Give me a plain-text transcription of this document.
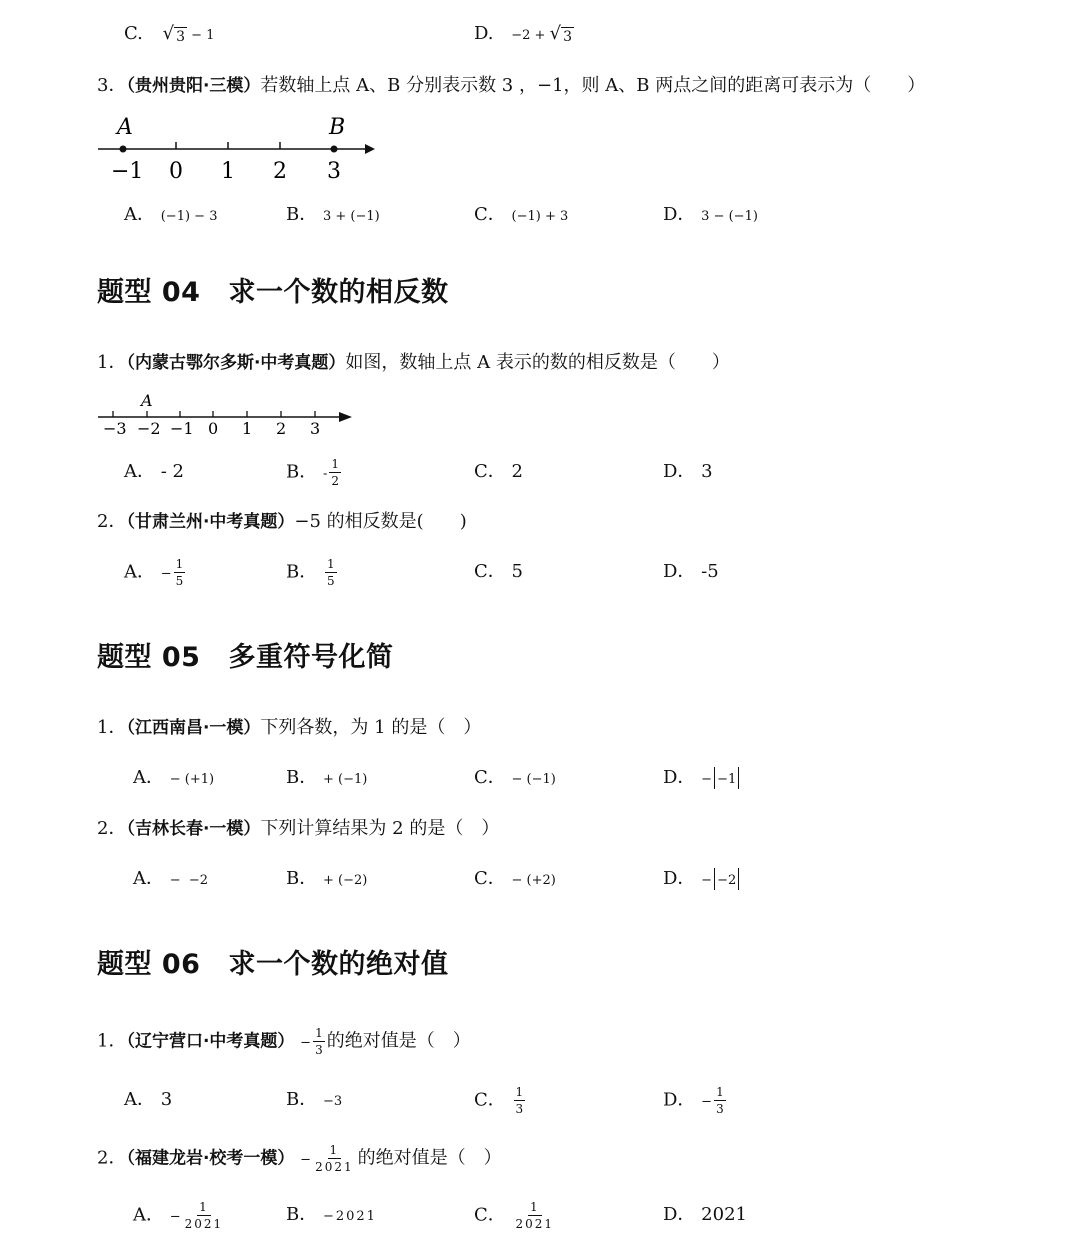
C. √ 3 − 1	D. −2 + √ 3
3．（贵州贵阳·三模）若数轴上点 A、B 分别表示数 3 ，−1，则 A、B 两点之间的距离可表示为（　　）
A	B
−1 0 1 2 3
A． (−1) − 3	B． 3 + (−1)	C． (−1) + 3	D． 3 − (−1)
题型 04 求一个数的相反数
1．（内蒙古鄂尔多斯·中考真题）如图，数轴上点 A 表示的数的相反数是（　　）
A
−3 −2 −1 0 1 2 3
A． - 2	B． - $\frac{1}{2}$	C． 2	D． 3
2．（甘肃兰州·中考真题）−5 的相反数是(　　)
A． − $\frac{1}{5}$	B． $\frac{1}{5}$	C． 5	D． -5
题型 05 多重符号化简
1．（江西南昌·一模）下列各数，为 1 的是（　）
A． − (+1)	B． + (−1)	C． − (−1)	D． − −1
2．（吉林长春·一模）下列计算结果为 2 的是（　）
A． −  −2	B． + (−2)	C． − (+2)	D． − −2
题型 06 求一个数的绝对值
1．（辽宁营口·中考真题） − $\frac{1}{3}$ 的绝对值是（　）
A． 3	B． −3	C． $\frac{1}{3}$	D． − $\frac{1}{3}$
2．（福建龙岩·校考一模） − $\frac{1}{2021}$ 的绝对值是（　）
A． − $\frac{1}{2021}$	B． −2021	C． $\frac{1}{2021}$	D． 2021
